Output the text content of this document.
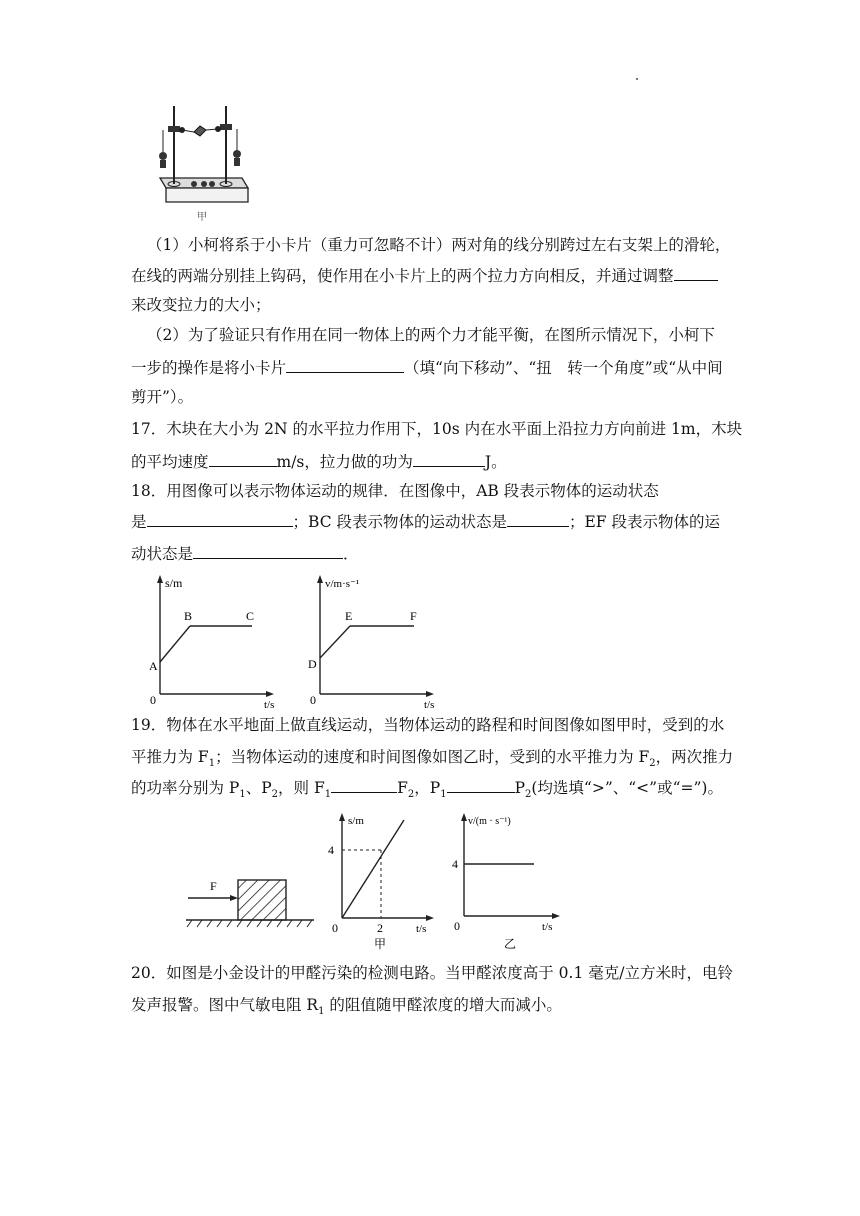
甲
（1）小柯将系于小卡片（重力可忽略不计）两对角的线分别跨过左右支架上的滑轮，
在线的两端分别挂上钩码，使作用在小卡片上的两个拉力方向相反，并通过调整
来改变拉力的大小；
（2）为了验证只有作用在同一物体上的两个力才能平衡，在图所示情况下，小柯下
一步的操作是将小卡片	（填“向下移动”、“扭　转一个角度”或“从中间
剪开”）。
17．木块在大小为 2N 的水平拉力作用下，10s 内在水平面上沿拉力方向前进 1m，木块
的平均速度	m/s，拉力做的功为	J。
18．用图像可以表示物体运动的规律．在图像中，AB 段表示物体的运动状态
是	；BC 段表示物体的运动状态是	；EF 段表示物体的运
动状态是	．
s/m
t/s
0
A
B	C
v/m·s⁻¹
t/s
0
D
E	F
19．物体在水平地面上做直线运动，当物体运动的路程和时间图像如图甲时，受到的水
平推力为 $F_1$；当物体运动的速度和时间图像如图乙时，受到的水平推力为 $F_2$，两次推力
的功率分别为 $P_1$、$P_2$，则 $F_1$	$F_2$，$P_1$	$P_2$(均选填“>”、“<”或“=”)。
F
s/m
4
0	2	t/s
甲
v/(m · s⁻¹)
4
0	t/s
乙
20．如图是小金设计的甲醛污染的检测电路。当甲醛浓度高于 0.1 毫克/立方米时，电铃
发声报警。图中气敏电阻 $R_1$ 的阻值随甲醛浓度的增大而减小。
